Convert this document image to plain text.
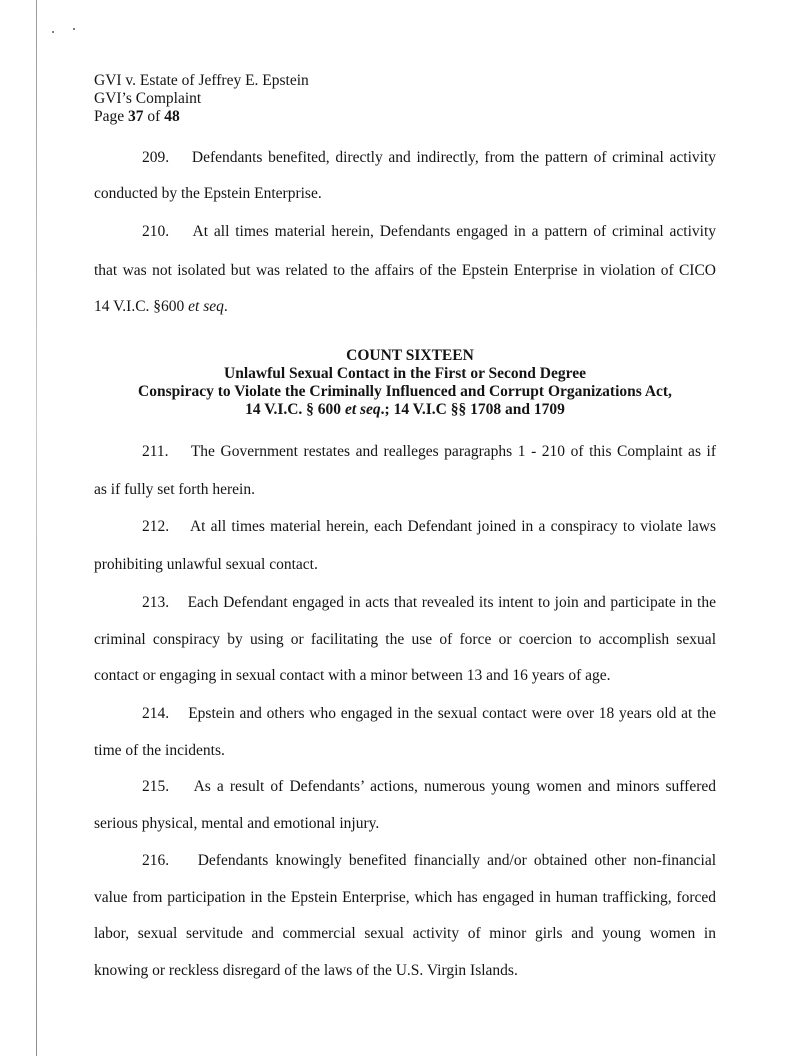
GVI v. Estate of Jeffrey E. Epstein
GVI’s Complaint
Page 37 of 48

209. Defendants benefited, directly and indirectly, from the pattern of criminal activity

conducted by the Epstein Enterprise.

210. At all times material herein, Defendants engaged in a pattern of criminal activity

that was not isolated but was related to the affairs of the Epstein Enterprise in violation of CICO

14 V.I.C. §600 et seq.

COUNT SIXTEEN
Unlawful Sexual Contact in the First or Second Degree
Conspiracy to Violate the Criminally Influenced and Corrupt Organizations Act,
14 V.I.C. § 600 et seq.; 14 V.I.C §§ 1708 and 1709

211. The Government restates and realleges paragraphs 1 - 210 of this Complaint as if

as if fully set forth herein.

212. At all times material herein, each Defendant joined in a conspiracy to violate laws

prohibiting unlawful sexual contact.

213. Each Defendant engaged in acts that revealed its intent to join and participate in the

criminal conspiracy by using or facilitating the use of force or coercion to accomplish sexual

contact or engaging in sexual contact with a minor between 13 and 16 years of age.

214. Epstein and others who engaged in the sexual contact were over 18 years old at the

time of the incidents.

215. As a result of Defendants’ actions, numerous young women and minors suffered

serious physical, mental and emotional injury.

216. Defendants knowingly benefited financially and/or obtained other non-financial

value from participation in the Epstein Enterprise, which has engaged in human trafficking, forced

labor, sexual servitude and commercial sexual activity of minor girls and young women in

knowing or reckless disregard of the laws of the U.S. Virgin Islands.
